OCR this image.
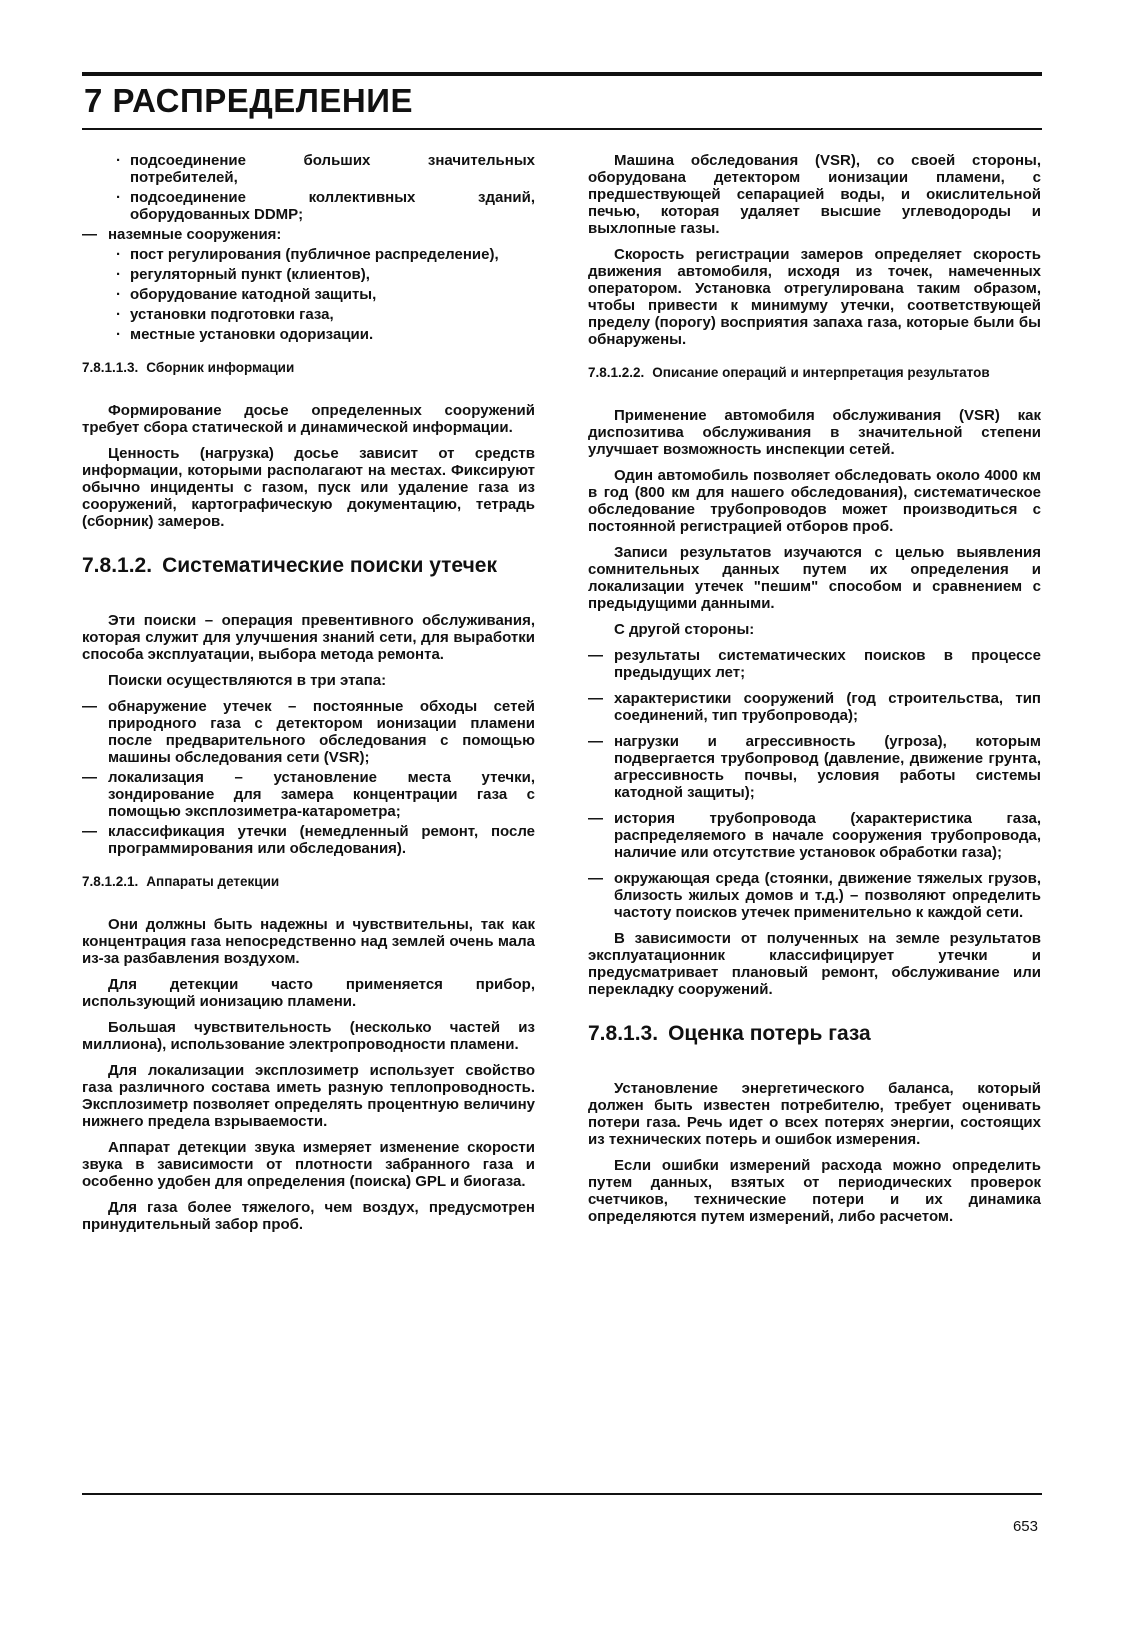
7 РАСПРЕДЕЛЕНИЕ
· подсоединение больших значительных потребителей,
· подсоединение коллективных зданий, оборудованных DDMP;
— наземные сооружения:
· пост регулирования (публичное распределение),
· регуляторный пункт (клиентов),
· оборудование катодной защиты,
· установки подготовки газа,
· местные установки одоризации.
7.8.1.1.3. Сборник информации

Формирование досье определенных сооружений требует сбора статической и динамической информации.

Ценность (нагрузка) досье зависит от средств информации, которыми располагают на местах. Фиксируют обычно инциденты с газом, пуск или удаление газа из сооружений, картографическую документацию, тетрадь (сборник) замеров.

7.8.1.2. Систематические поиски утечек

Эти поиски – операция превентивного обслуживания, которая служит для улучшения знаний сети, для выработки способа эксплуатации, выбора метода ремонта.

Поиски осуществляются в три этапа:

— обнаружение утечек – постоянные обходы сетей природного газа с детектором ионизации пламени после предварительного обследования с помощью машины обследования сети (VSR);
— локализация – установление места утечки, зондирование для замера концентрации газа с помощью эксплозиметра-катарометра;
— классификация утечки (немедленный ремонт, после программирования или обследования).
7.8.1.2.1. Аппараты детекции

Они должны быть надежны и чувствительны, так как концентрация газа непосредственно над землей очень мала из-за разбавления воздухом.

Для детекции часто применяется прибор, использующий ионизацию пламени.

Большая чувствительность (несколько частей из миллиона), использование электропроводности пламени.

Для локализации эксплозиметр использует свойство газа различного состава иметь разную теплопроводность. Эксплозиметр позволяет определять процентную величину нижнего предела взрываемости.

Аппарат детекции звука измеряет изменение скорости звука в зависимости от плотности забранного газа и особенно удобен для определения (поиска) GPL и биогаза.

Для газа более тяжелого, чем воздух, предусмотрен принудительный забор проб.

Машина обследования (VSR), со своей стороны, оборудована детектором ионизации пламени, с предшествующей сепарацией воды, и окислительной печью, которая удаляет высшие углеводороды и выхлопные газы.

Скорость регистрации замеров определяет скорость движения автомобиля, исходя из точек, намеченных оператором. Установка отрегулирована таким образом, чтобы привести к минимуму утечки, соответствующей пределу (порогу) восприятия запаха газа, которые были бы обнаружены.

7.8.1.2.2. Описание операций и интерпретация результатов

Применение автомобиля обслуживания (VSR) как диспозитива обслуживания в значительной степени улучшает возможность инспекции сетей.

Один автомобиль позволяет обследовать около 4000 км в год (800 км для нашего обследования), систематическое обследование трубопроводов может производиться с постоянной регистрацией отборов проб.

Записи результатов изучаются с целью выявления сомнительных данных путем их определения и локализации утечек "пешим" способом и сравнением с предыдущими данными.

С другой стороны:

— результаты систематических поисков в процессе предыдущих лет;
— характеристики сооружений (год строительства, тип соединений, тип трубопровода);
— нагрузки и агрессивность (угроза), которым подвергается трубопровод (давление, движение грунта, агрессивность почвы, условия работы системы катодной защиты);
— история трубопровода (характеристика газа, распределяемого в начале сооружения трубопровода, наличие или отсутствие установок обработки газа);
— окружающая среда (стоянки, движение тяжелых грузов, близость жилых домов и т.д.) – позволяют определить частоту поисков утечек применительно к каждой сети.

В зависимости от полученных на земле результатов эксплуатационник классифицирует утечки и предусматривает плановый ремонт, обслуживание или перекладку сооружений.

7.8.1.3. Оценка потерь газа

Установление энергетического баланса, который должен быть известен потребителю, требует оценивать потери газа. Речь идет о всех потерях энергии, состоящих из технических потерь и ошибок измерения.

Если ошибки измерений расхода можно определить путем данных, взятых от периодических проверок счетчиков, технические потери и их динамика определяются путем измерений, либо расчетом.

653
